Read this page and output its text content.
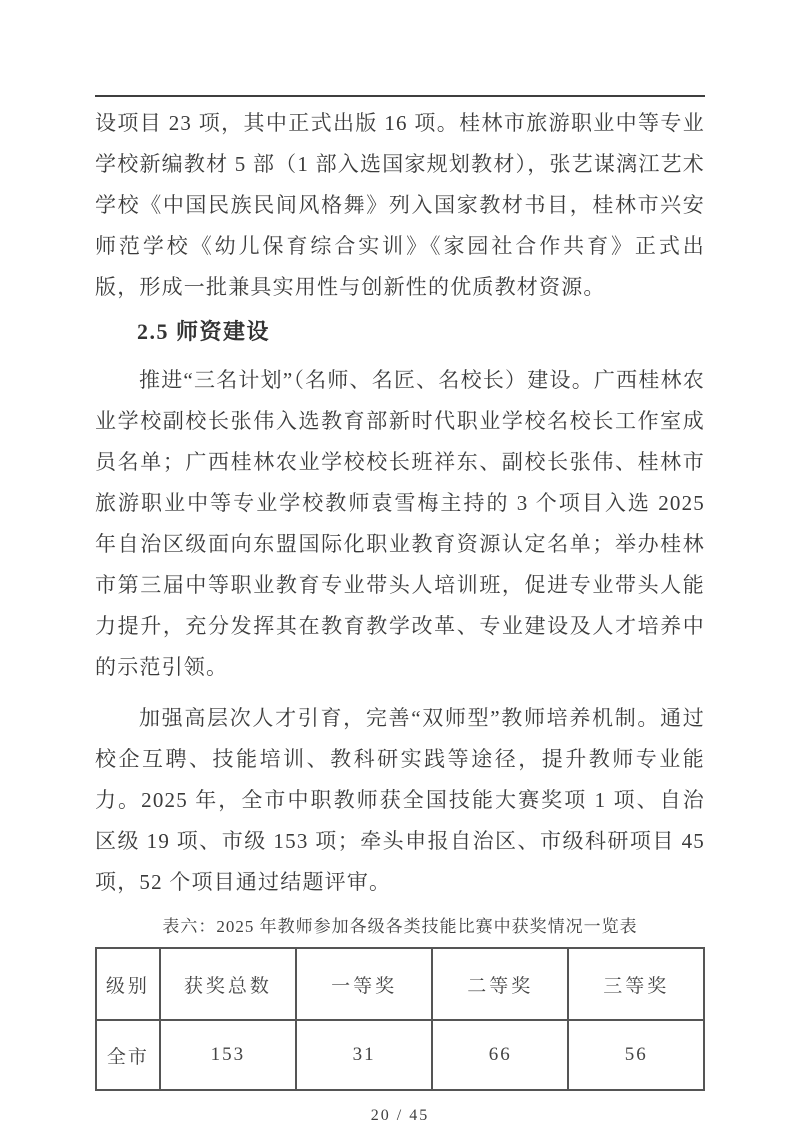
设项目 23 项，其中正式出版 16 项。桂林市旅游职业中等专业学校新编教材 5 部（1 部入选国家规划教材），张艺谋漓江艺术学校《中国民族民间风格舞》列入国家教材书目，桂林市兴安师范学校《幼儿保育综合实训》《家园社合作共育》正式出版，形成一批兼具实用性与创新性的优质教材资源。

2.5 师资建设

推进“三名计划”（名师、名匠、名校长）建设。广西桂林农业学校副校长张伟入选教育部新时代职业学校名校长工作室成员名单；广西桂林农业学校校长班祥东、副校长张伟、桂林市旅游职业中等专业学校教师袁雪梅主持的 3 个项目入选 2025 年自治区级面向东盟国际化职业教育资源认定名单；举办桂林市第三届中等职业教育专业带头人培训班，促进专业带头人能力提升，充分发挥其在教育教学改革、专业建设及人才培养中的示范引领。

加强高层次人才引育，完善“双师型”教师培养机制。通过校企互聘、技能培训、教科研实践等途径，提升教师专业能力。2025 年，全市中职教师获全国技能大赛奖项 1 项、自治区级 19 项、市级 153 项；牵头申报自治区、市级科研项目 45 项，52 个项目通过结题评审。

表六：2025 年教师参加各级各类技能比赛中获奖情况一览表
级别	获奖总数	一等奖	二等奖	三等奖
全市	153	31	66	56
20 / 45
